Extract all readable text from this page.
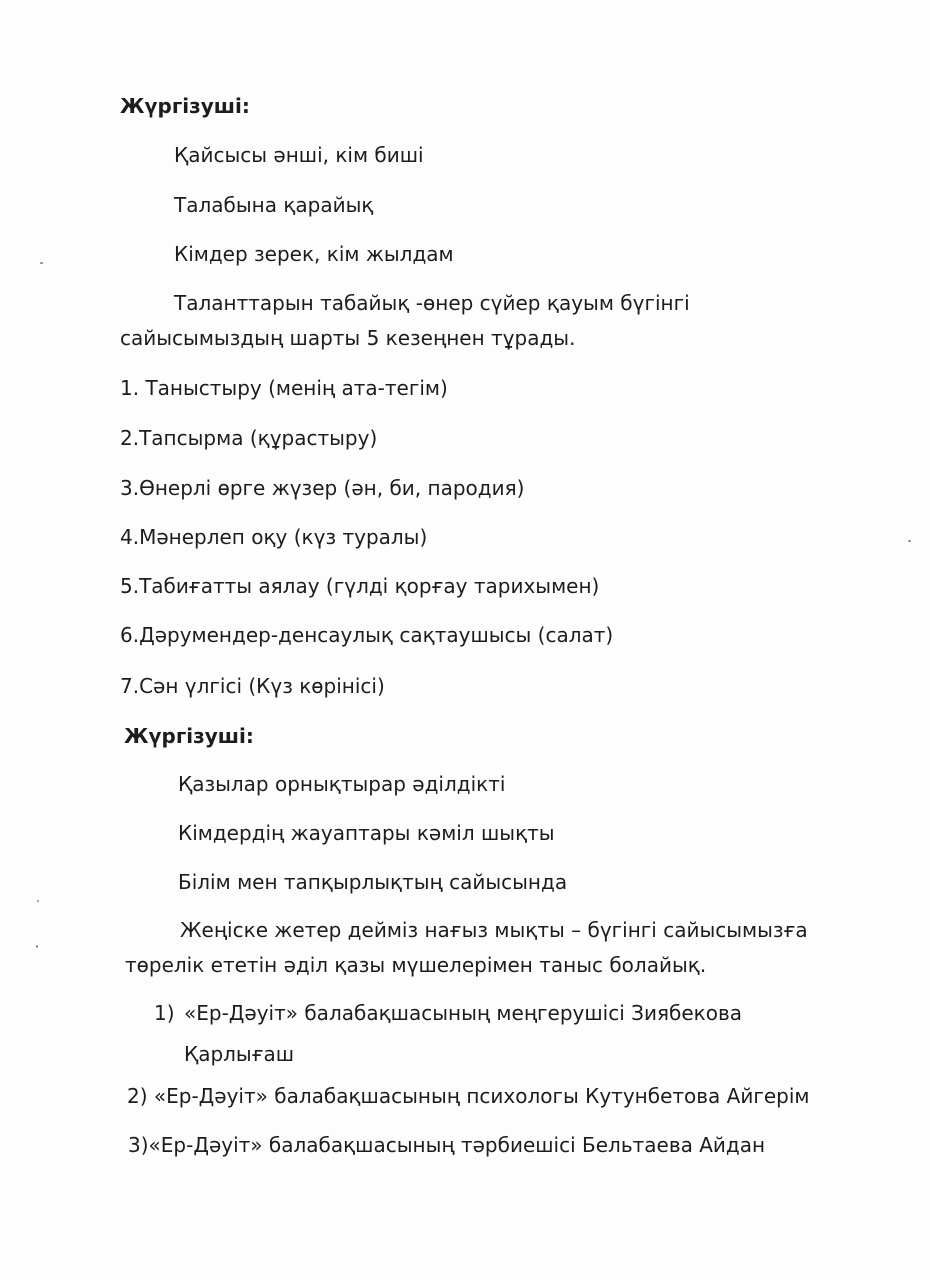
Жүргізуші:
Қайсысы әнші, кім биші
Талабына қарайық
Кімдер зерек, кім жылдам
Таланттарын табайық -өнер сүйер қауым бүгінгі
сайысымыздың шарты 5 кезеңнен тұрады.
1. Таныстыру (менің ата-тегім)
2.Тапсырма (құрастыру)
3.Өнерлі өрге жүзер (ән, би, пародия)
4.Мәнерлеп оқу (күз туралы)
5.Табиғатты аялау (гүлді қорғау тарихымен)
6.Дәрумендер-денсаулық сақтаушысы (салат)
7.Сән үлгісі (Күз көрінісі)
Жүргізуші:
Қазылар орнықтырар әділдікті
Кімдердің жауаптары кәміл шықты
Білім мен тапқырлықтың сайысында
Жеңіске жетер дейміз нағыз мықты – бүгінгі сайысымызға
төрелік ететін әділ қазы мүшелерімен таныс болайық.
1) «Ер-Дәуіт» балабақшасының меңгерушісі Зиябекова
Қарлығаш
2) «Ер-Дәуіт» балабақшасының психологы Кутунбетова Айгерім
3)«Ер-Дәуіт» балабақшасының тәрбиешісі Бельтаева Айдан
